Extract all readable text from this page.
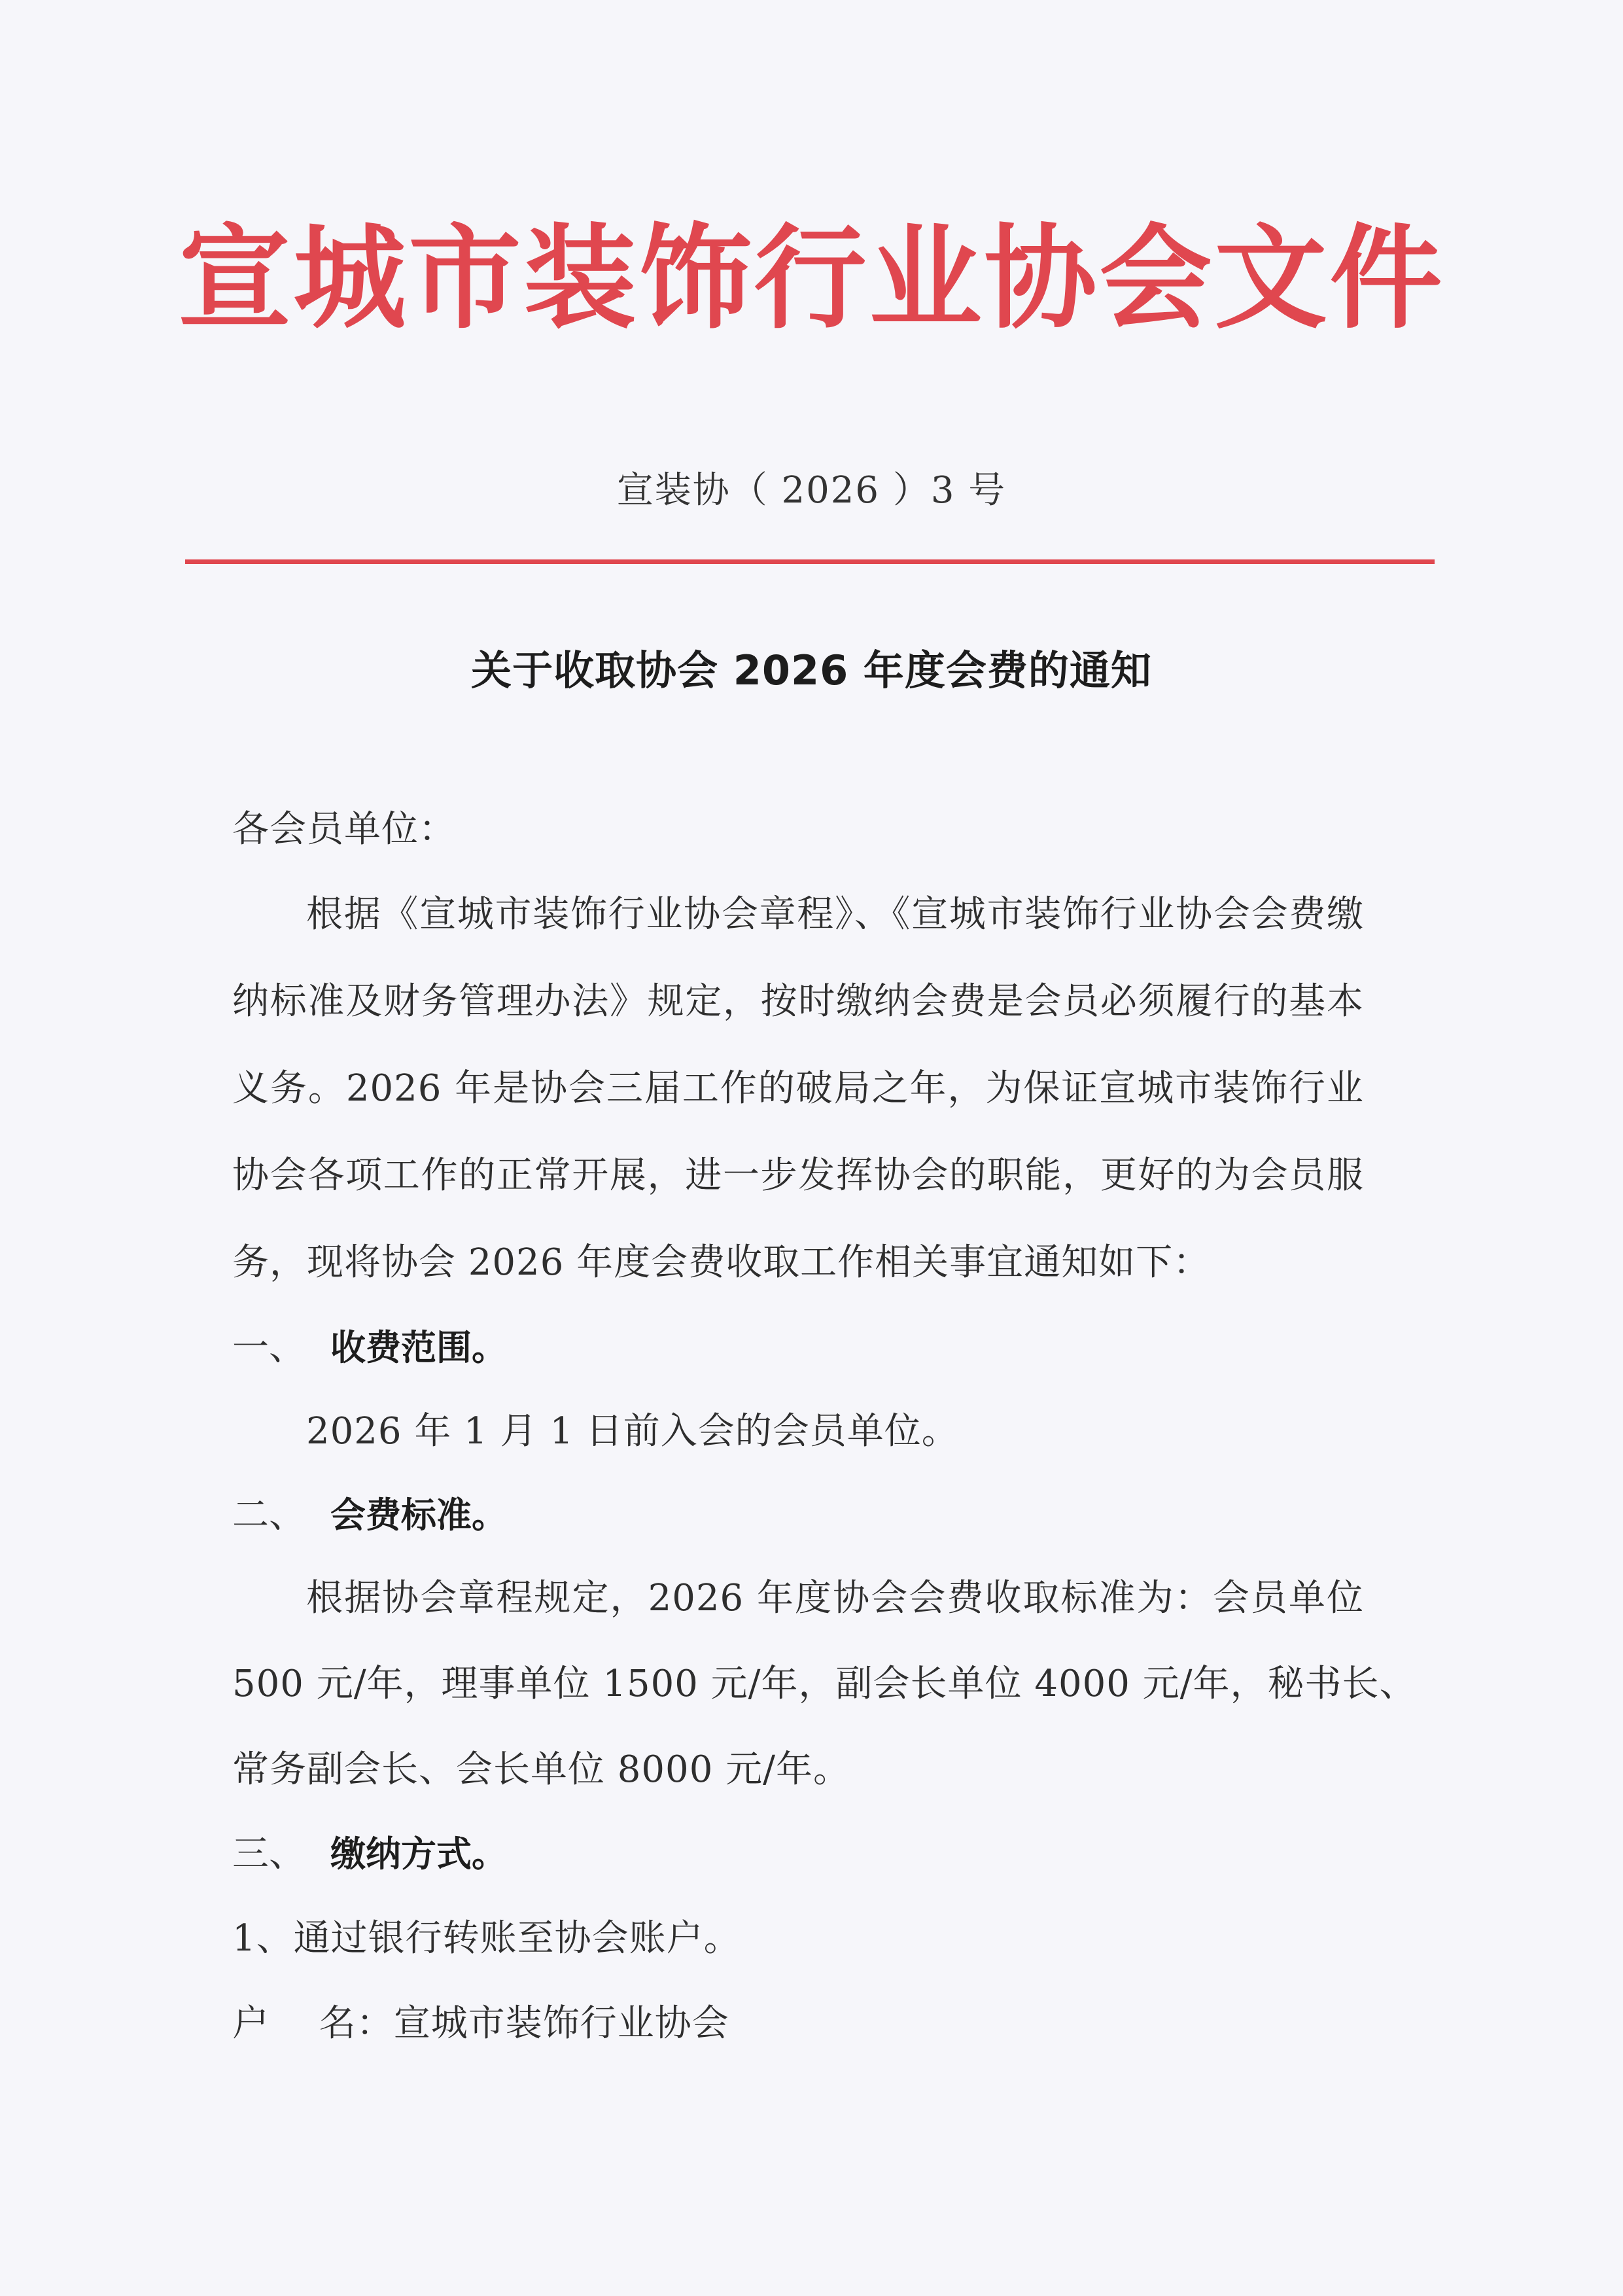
宣城市装饰行业协会文件
宣装协（ 2026 ）3 号
关于收取协会 2026 年度会费的通知
各会员单位：
根据《宣城市装饰行业协会章程》、《宣城市装饰行业协会会费缴
纳标准及财务管理办法》规定，按时缴纳会费是会员必须履行的基本
义务。2026 年是协会三届工作的破局之年，为保证宣城市装饰行业
协会各项工作的正常开展，进一步发挥协会的职能，更好的为会员服
务，现将协会 2026 年度会费收取工作相关事宜通知如下：
一、 收费范围。
2026 年 1 月 1 日前入会的会员单位。
二、 会费标准。
根据协会章程规定，2026 年度协会会费收取标准为：会员单位
500 元/年，理事单位 1500 元/年，副会长单位 4000 元/年，秘书长、
常务副会长、会长单位 8000 元/年。
三、 缴纳方式。
1、通过银行转账至协会账户。
户　 名：宣城市装饰行业协会
